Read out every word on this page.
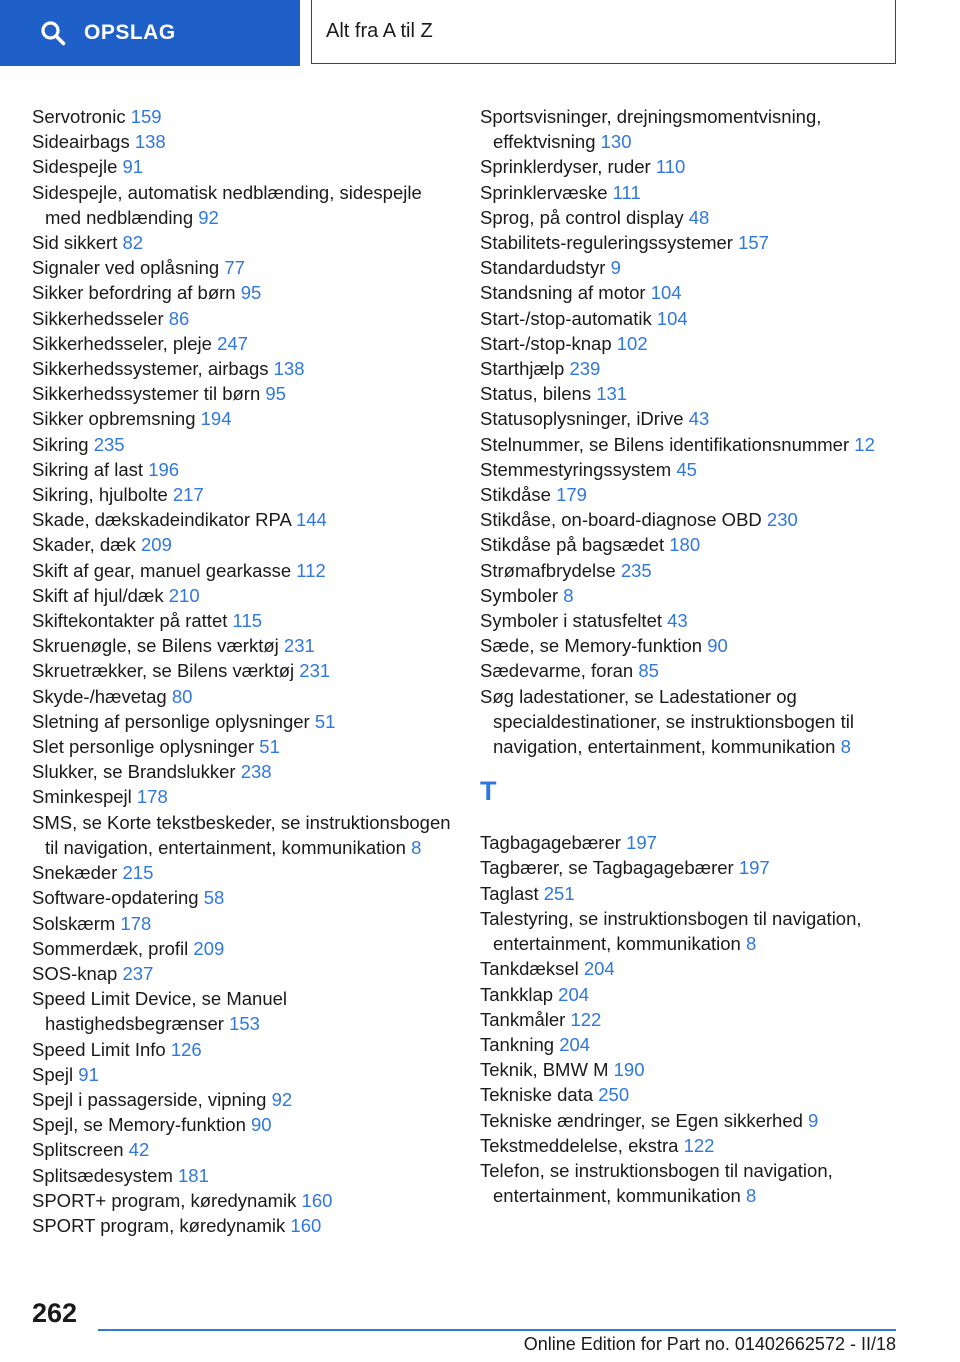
OPSLAG	Alt fra A til Z
Servotronic 159
Sideairbags 138
Sidespejle 91
Sidespejle, automatisk nedblænding, sidespejle med nedblænding 92
Sid sikkert 82
Signaler ved oplåsning 77
Sikker befordring af børn 95
Sikkerhedsseler 86
Sikkerhedsseler, pleje 247
Sikkerhedssystemer, airbags 138
Sikkerhedssystemer til børn 95
Sikker opbremsning 194
Sikring 235
Sikring af last 196
Sikring, hjulbolte 217
Skade, dækskadeindikator RPA 144
Skader, dæk 209
Skift af gear, manuel gearkasse 112
Skift af hjul/dæk 210
Skiftekontakter på rattet 115
Skruenøgle, se Bilens værktøj 231
Skruetrækker, se Bilens værktøj 231
Skyde-/hævetag 80
Sletning af personlige oplysninger 51
Slet personlige oplysninger 51
Slukker, se Brandslukker 238
Sminkespejl 178
SMS, se Korte tekstbeskeder, se instruktionsbogen til navigation, entertainment, kommunikation 8
Snekæder 215
Software-opdatering 58
Solskærm 178
Sommerdæk, profil 209
SOS-knap 237
Speed Limit Device, se Manuel hastighedsbegrænser 153
Speed Limit Info 126
Spejl 91
Spejl i passagerside, vipning 92
Spejl, se Memory-funktion 90
Splitscreen 42
Splitsædesystem 181
SPORT+ program, køredynamik 160
SPORT program, køredynamik 160
Sportsvisninger, drejningsmomentvisning, effektvisning 130
Sprinklerdyser, ruder 110
Sprinklervæske 111
Sprog, på control display 48
Stabilitets-reguleringssystemer 157
Standardudstyr 9
Standsning af motor 104
Start-/stop-automatik 104
Start-/stop-knap 102
Starthjælp 239
Status, bilens 131
Statusoplysninger, iDrive 43
Stelnummer, se Bilens identifikationsnummer 12
Stemmestyringssystem 45
Stikdåse 179
Stikdåse, on-board-diagnose OBD 230
Stikdåse på bagsædet 180
Strømafbrydelse 235
Symboler 8
Symboler i statusfeltet 43
Sæde, se Memory-funktion 90
Sædevarme, foran 85
Søg ladestationer, se Ladestationer og specialdestinationer, se instruktionsbogen til navigation, entertainment, kommunikation 8
T
Tagbagagebærer 197
Tagbærer, se Tagbagagebærer 197
Taglast 251
Talestyring, se instruktionsbogen til navigation, entertainment, kommunikation 8
Tankdæksel 204
Tankklap 204
Tankmåler 122
Tankning 204
Teknik, BMW M 190
Tekniske data 250
Tekniske ændringer, se Egen sikkerhed 9
Tekstmeddelelse, ekstra 122
Telefon, se instruktionsbogen til navigation, entertainment, kommunikation 8
262
Online Edition for Part no. 01402662572 - II/18
